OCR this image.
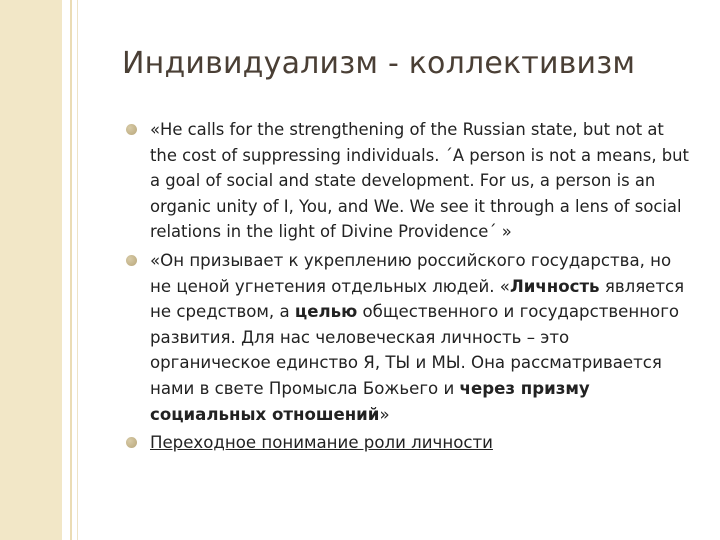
Индивидуализм - коллективизм
«He calls for the strengthening of the Russian state, but not at the cost of suppressing individuals. ´A person is not a means, but a goal of social and state development. For us, a person is an organic unity of I, You, and We. We see it through a lens of social relations in the light of Divine Providence´ »
«Он призывает к укреплению российского государства, но не ценой угнетения отдельных людей. «Личность является не средством, а целью общественного и государственного развития. Для нас человеческая личность – это органическое единство Я, ТЫ и МЫ. Она рассматривается нами в свете Промысла Божьего и через призму социальных отношений»
Переходное понимание роли личности
